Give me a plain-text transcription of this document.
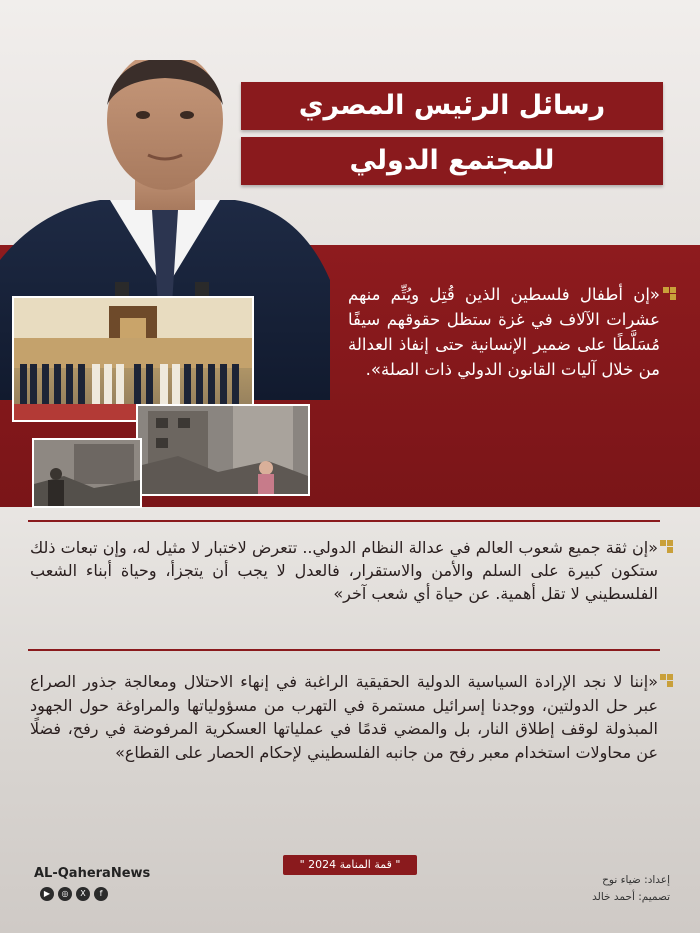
رسائل الرئيس المصري
للمجتمع الدولي
«إن أطفال فلسطين الذين قُتِل ويُتِّم منهم عشرات الآلاف في غزة ستظل حقوقهم سيفًا مُسَلَّطًا على ضمير الإنسانية حتى إنفاذ العدالة من خلال آليات القانون الدولي ذات الصلة».
«إن ثقة جميع شعوب العالم في عدالة النظام الدولي.. تتعرض لاختبار لا مثيل له، وإن تبعات ذلك ستكون كبيرة على السلم والأمن والاستقرار، فالعدل لا يجب أن يتجزأ، وحياة أبناء الشعب الفلسطيني لا تقل أهمية. عن حياة أي شعب آخر»
«إننا لا نجد الإرادة السياسية الدولية الحقيقية الراغبة في إنهاء الاحتلال ومعالجة جذور الصراع عبر حل الدولتين، ووجدنا إسرائيل مستمرة في التهرب من مسؤولياتها والمراوغة حول الجهود المبذولة لوقف إطلاق النار، بل والمضي قدمًا في عملياتها العسكرية المرفوضة في رفح، فضلًا عن محاولات استخدام معبر رفح من جانبه الفلسطيني لإحكام الحصار على القطاع»
" قمة المنامة 2024 "
AL-QaheraNews
▶	◎	X	f
إعداد: ضياء نوح
تصميم: أحمد خالد
